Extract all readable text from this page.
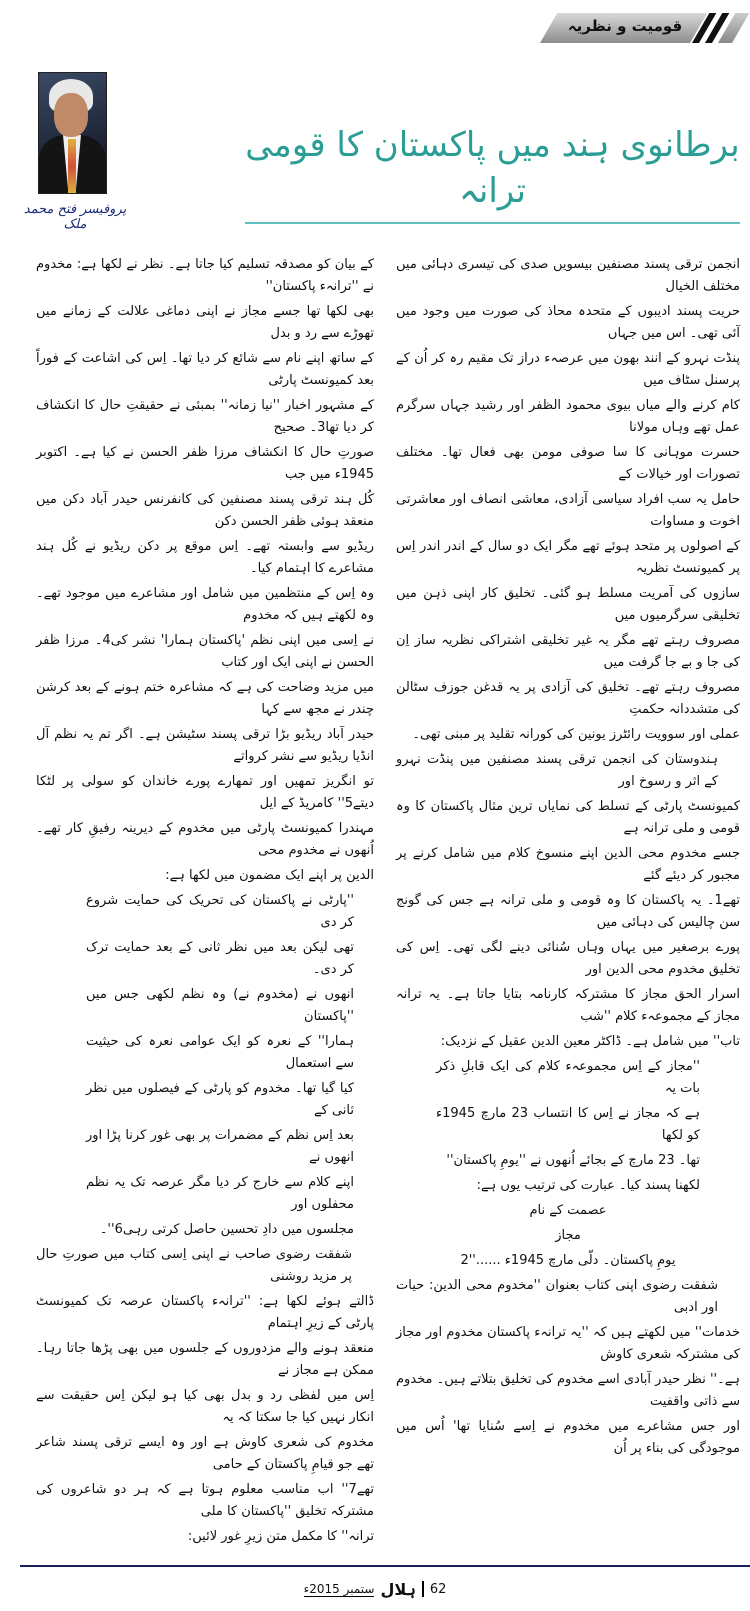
قومیت و نظریہ
پروفیسر فتح محمد ملک
برطانوی ہند میں پاکستان کا قومی ترانہ
انجمن ترقی پسند مصنفین بیسویں صدی کی تیسری دہائی میں مختلف الخیال
حریت پسند ادیبوں کے متحدہ محاذ کی صورت میں وجود میں آئی تھی۔ اس میں جہاں
پنڈت نہرو کے انند بھون میں عرصہء دراز تک مقیم رہ کر اُن کے پرسنل سٹاف میں
کام کرنے والے میاں بیوی محمود الظفر اور رشید جہاں سرگرم عمل تھے وہاں مولانا
حسرت موہانی کا سا صوفی مومن بھی فعال تھا۔ مختلف تصورات اور خیالات کے
حامل یہ سب افراد سیاسی آزادی، معاشی انصاف اور معاشرتی اخوت و مساوات
کے اصولوں پر متحد ہوئے تھے مگر ایک دو سال کے اندر اندر اِس پر کمیونسٹ نظریہ
سازوں کی آمریت مسلط ہو گئی۔ تخلیق کار اپنی ذہن میں تخلیقی سرگرمیوں میں
مصروف رہتے تھے مگر یہ غیر تخلیقی اشتراکی نظریہ ساز اِن کی جا و بے جا گرفت میں
مصروف رہتے تھے۔ تخلیق کی آزادی پر یہ قدغن جوزف سٹالن کی متشددانہ حکمتِ
عملی اور سوویت رائٹرز یونین کی کورانہ تقلید پر مبنی تھی۔
ہندوستان کی انجمن ترقی پسند مصنفین میں پنڈت نہرو کے اثر و رسوخ اور
کمیونسٹ پارٹی کے تسلط کی نمایاں ترین مثال پاکستان کا وہ قومی و ملی ترانہ ہے
جسے مخدوم محی الدین اپنے منسوخ کلام میں شامل کرنے پر مجبور کر دیئے گئے
تھے1۔ یہ پاکستان کا وہ قومی و ملی ترانہ ہے جس کی گونج سن چالیس کی دہائی میں
پورے برصغیر میں یہاں وہاں سُنائی دینے لگی تھی۔ اِس کی تخلیق مخدوم محی الدین اور
اسرار الحق مجاز کا مشترکہ کارنامہ بتایا جاتا ہے۔ یہ ترانہ مجاز کے مجموعہء کلام ''شب
تاب'' میں شامل ہے۔ ڈاکٹر معین الدین عقیل کے نزدیک:
''مجاز کے اِس مجموعہء کلام کی ایک قابلِ ذکر بات یہ
ہے کہ مجاز نے اِس کا انتساب 23 مارچ 1945ء کو لکھا
تھا۔ 23 مارچ کے بجائے اُنھوں نے ''یومِ پاکستان''
لکھنا پسند کیا۔ عبارت کی ترتیب یوں ہے:
عصمت کے نام
مجاز
یومِ پاکستان۔ دلّی مارچ 1945ء ......''2
شفقت رضوی اپنی کتاب بعنوان ''مخدوم محی الدین: حیات اور ادبی
خدمات'' میں لکھتے ہیں کہ ''یہ ترانہء پاکستان مخدوم اور مجاز کی مشترکہ شعری کاوش
ہے۔'' نظر حیدر آبادی اسے مخدوم کی تخلیق بتلاتے ہیں۔ مخدوم سے ذاتی واقفیت
اور جس مشاعرے میں مخدوم نے اِسے سُنایا تھا' اُس میں موجودگی کی بناء پر اُن
کے بیان کو مصدقہ تسلیم کیا جاتا ہے۔ نظر نے لکھا ہے: مخدوم نے ''ترانہء پاکستان''
بھی لکھا تھا جسے مجاز نے اپنی دماغی علالت کے زمانے میں تھوڑے سے رد و بدل
کے ساتھ اپنے نام سے شائع کر دیا تھا۔ اِس کی اشاعت کے فوراً بعد کمیونسٹ پارٹی
کے مشہور اخبار ''نیا زمانہ'' بمبئی نے حقیقتِ حال کا انکشاف کر دیا تھا3۔ صحیح
صورتِ حال کا انکشاف مرزا ظفر الحسن نے کیا ہے۔ اکتوبر 1945ء میں جب
کُل ہند ترقی پسند مصنفین کی کانفرنس حیدر آباد دکن میں منعقد ہوئی ظفر الحسن دکن
ریڈیو سے وابستہ تھے۔ اِس موقع پر دکن ریڈیو نے کُل ہند مشاعرے کا اہتمام کیا۔
وہ اِس کے منتظمین میں شامل اور مشاعرے میں موجود تھے۔ وہ لکھتے ہیں کہ مخدوم
نے اِسی میں اپنی نظم 'پاکستان ہمارا' نشر کی4۔ مرزا ظفر الحسن نے اپنی ایک اور کتاب
میں مزید وضاحت کی ہے کہ مشاعرہ ختم ہونے کے بعد کرشن چندر نے مجھ سے کہا
حیدر آباد ریڈیو بڑا ترقی پسند سٹیشن ہے۔ اگر تم یہ نظم آل انڈیا ریڈیو سے نشر کرواتے
تو انگریز تمھیں اور تمھارے پورے خاندان کو سولی پر لٹکا دیتے5'' کامریڈ کے ایل
مہندرا کمیونسٹ پارٹی میں مخدوم کے دیرینہ رفیقِ کار تھے۔ اُنھوں نے مخدوم محی
الدین پر اپنے ایک مضمون میں لکھا ہے:
''پارٹی نے پاکستان کی تحریک کی حمایت شروع کر دی
تھی لیکن بعد میں نظر ثانی کے بعد حمایت ترک کر دی۔
انھوں نے (مخدوم نے) وہ نظم لکھی جس میں ''پاکستان
ہمارا'' کے نعرہ کو ایک عوامی نعرہ کی حیثیت سے استعمال
کیا گیا تھا۔ مخدوم کو پارٹی کے فیصلوں میں نظر ثانی کے
بعد اِس نظم کے مضمرات پر بھی غور کرنا پڑا اور انھوں نے
اپنے کلام سے خارج کر دیا مگر عرصہ تک یہ نظم محفلوں اور
مجلسوں میں دادِ تحسین حاصل کرتی رہی6''۔
شفقت رضوی صاحب نے اپنی اِسی کتاب میں صورتِ حال پر مزید روشنی
ڈالتے ہوئے لکھا ہے: ''ترانہء پاکستان عرصہ تک کمیونسٹ پارٹی کے زیرِ اہتمام
منعقد ہونے والے مزدوروں کے جلسوں میں بھی پڑھا جاتا رہا۔ ممکن ہے مجاز نے
اِس میں لفظی رد و بدل بھی کیا ہو لیکن اِس حقیقت سے انکار نہیں کیا جا سکتا کہ یہ
مخدوم کی شعری کاوش ہے اور وہ ایسے ترقی پسند شاعر تھے جو قیامِ پاکستان کے حامی
تھے7'' اب مناسب معلوم ہوتا ہے کہ ہر دو شاعروں کی مشترکہ تخلیق ''پاکستان کا ملی
ترانہ'' کا مکمل متن زیرِ غور لائیں:
ستمبر 2015ء ہلال 62
